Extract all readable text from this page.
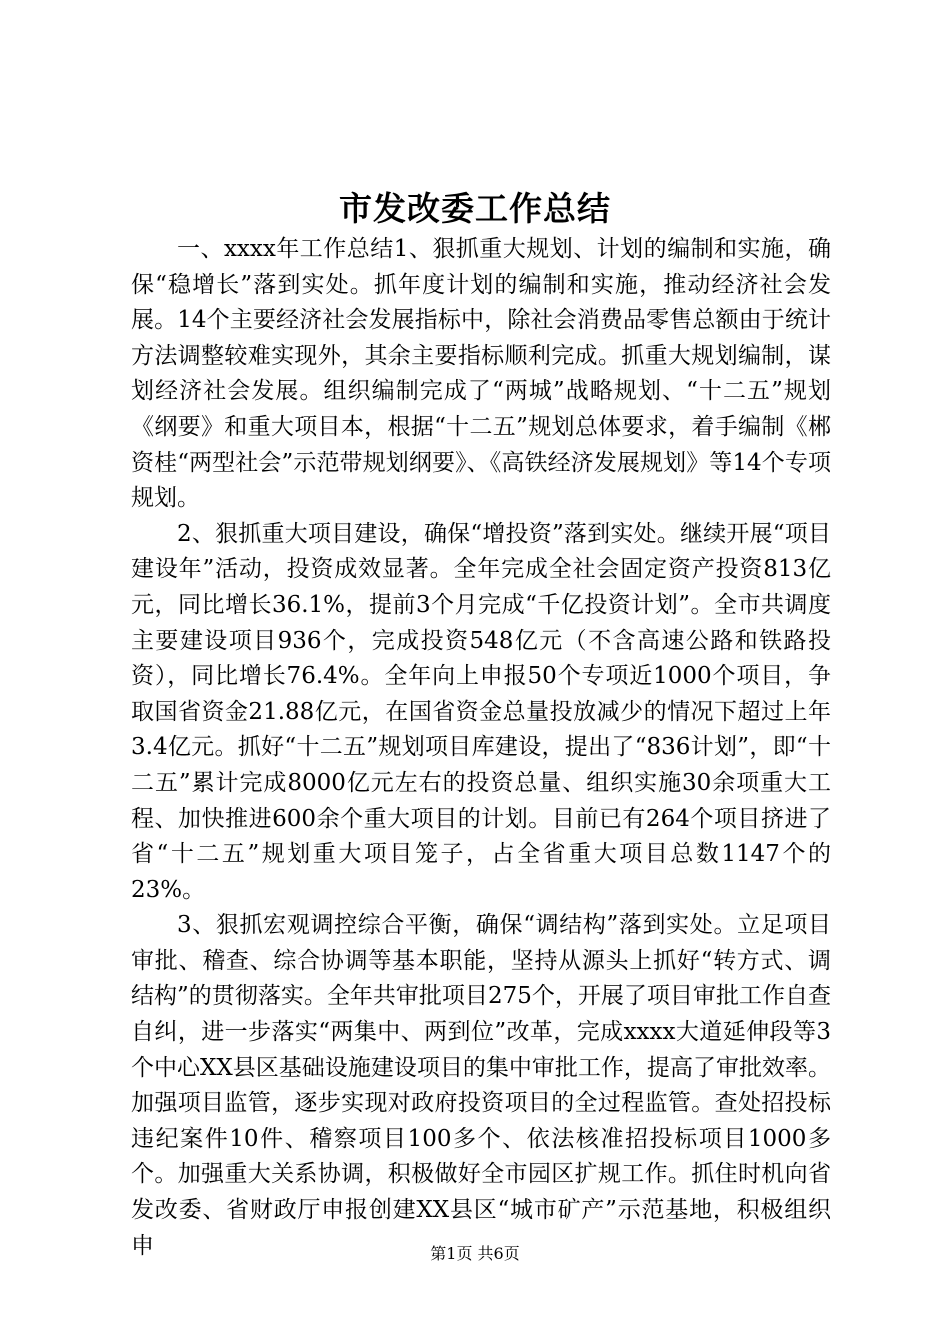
市发改委工作总结

一、xxxx年工作总结1、狠抓重大规划、计划的编制和实施，确保“稳增长”落到实处。抓年度计划的编制和实施，推动经济社会发展。14个主要经济社会发展指标中，除社会消费品零售总额由于统计方法调整较难实现外，其余主要指标顺利完成。抓重大规划编制，谋划经济社会发展。组织编制完成了“两城”战略规划、“十二五”规划《纲要》和重大项目本，根据“十二五”规划总体要求，着手编制《郴资桂“两型社会”示范带规划纲要》、《高铁经济发展规划》等14个专项规划。

2、狠抓重大项目建设，确保“增投资”落到实处。继续开展“项目建设年”活动，投资成效显著。全年完成全社会固定资产投资813亿元，同比增长36.1%，提前3个月完成“千亿投资计划”。全市共调度主要建设项目936个，完成投资548亿元（不含高速公路和铁路投资），同比增长76.4%。全年向上申报50个专项近1000个项目，争取国省资金21.88亿元，在国省资金总量投放减少的情况下超过上年3.4亿元。抓好“十二五”规划项目库建设，提出了“836计划”，即“十二五”累计完成8000亿元左右的投资总量、组织实施30余项重大工程、加快推进600余个重大项目的计划。目前已有264个项目挤进了省“十二五”规划重大项目笼子，占全省重大项目总数1147个的23%。

3、狠抓宏观调控综合平衡，确保“调结构”落到实处。立足项目审批、稽查、综合协调等基本职能，坚持从源头上抓好“转方式、调结构”的贯彻落实。全年共审批项目275个，开展了项目审批工作自查自纠，进一步落实“两集中、两到位”改革，完成xxxx大道延伸段等3个中心XX县区基础设施建设项目的集中审批工作，提高了审批效率。加强项目监管，逐步实现对政府投资项目的全过程监管。查处招投标违纪案件10件、稽察项目100多个、依法核准招投标项目1000多个。加强重大关系协调，积极做好全市园区扩规工作。抓住时机向省发改委、省财政厅申报创建XX县区“城市矿产”示范基地，积极组织申	第1页 共6页
